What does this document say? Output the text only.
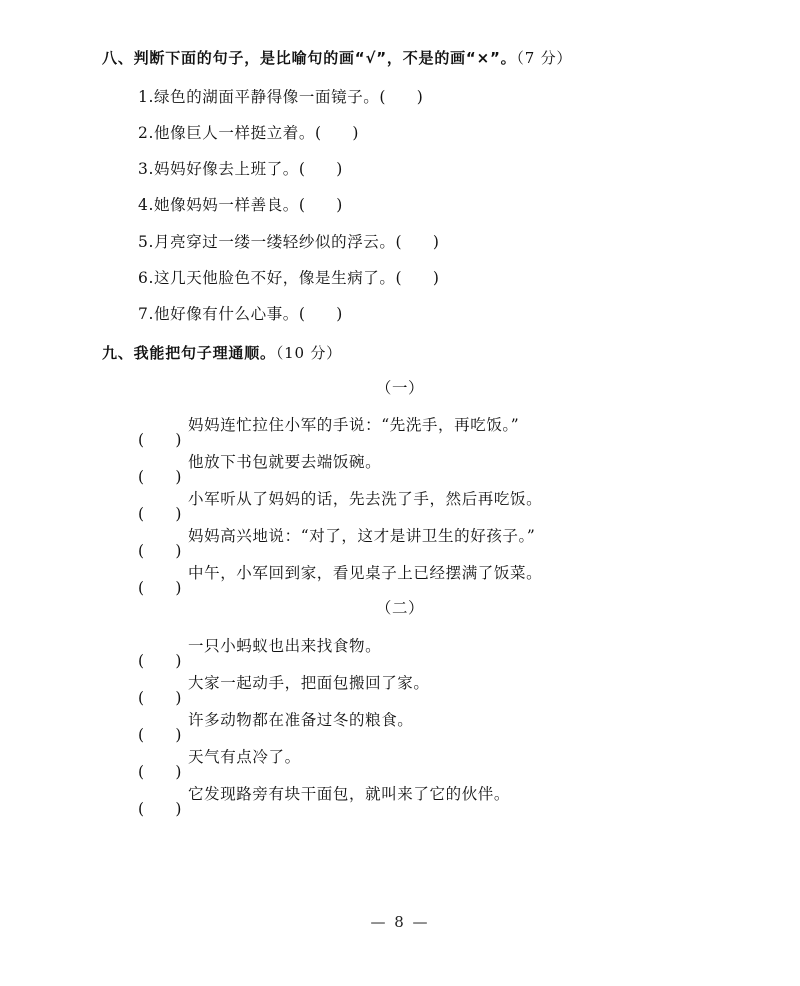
八、判断下面的句子，是比喻句的画“√”，不是的画“×”。（7 分）
1.绿色的湖面平静得像一面镜子。 ( )
2.他像巨人一样挺立着。 ( )
3.妈妈好像去上班了。 ( )
4.她像妈妈一样善良。 ( )
5.月亮穿过一缕一缕轻纱似的浮云。 ( )
6.这几天他脸色不好，像是生病了。 ( )
7.他好像有什么心事。 ( )
九、我能把句子理通顺。（10 分）
（一）
( )
妈妈连忙拉住小军的手说：“先洗手，再吃饭。”
( )
他放下书包就要去端饭碗。
( )
小军听从了妈妈的话，先去洗了手，然后再吃饭。
( )
妈妈高兴地说：“对了，这才是讲卫生的好孩子。”
( )
中午，小军回到家，看见桌子上已经摆满了饭菜。
（二）
( )
一只小蚂蚁也出来找食物。
( )
大家一起动手，把面包搬回了家。
( )
许多动物都在准备过冬的粮食。
( )
天气有点冷了。
( )
它发现路旁有块干面包，就叫来了它的伙伴。
— 8 —
